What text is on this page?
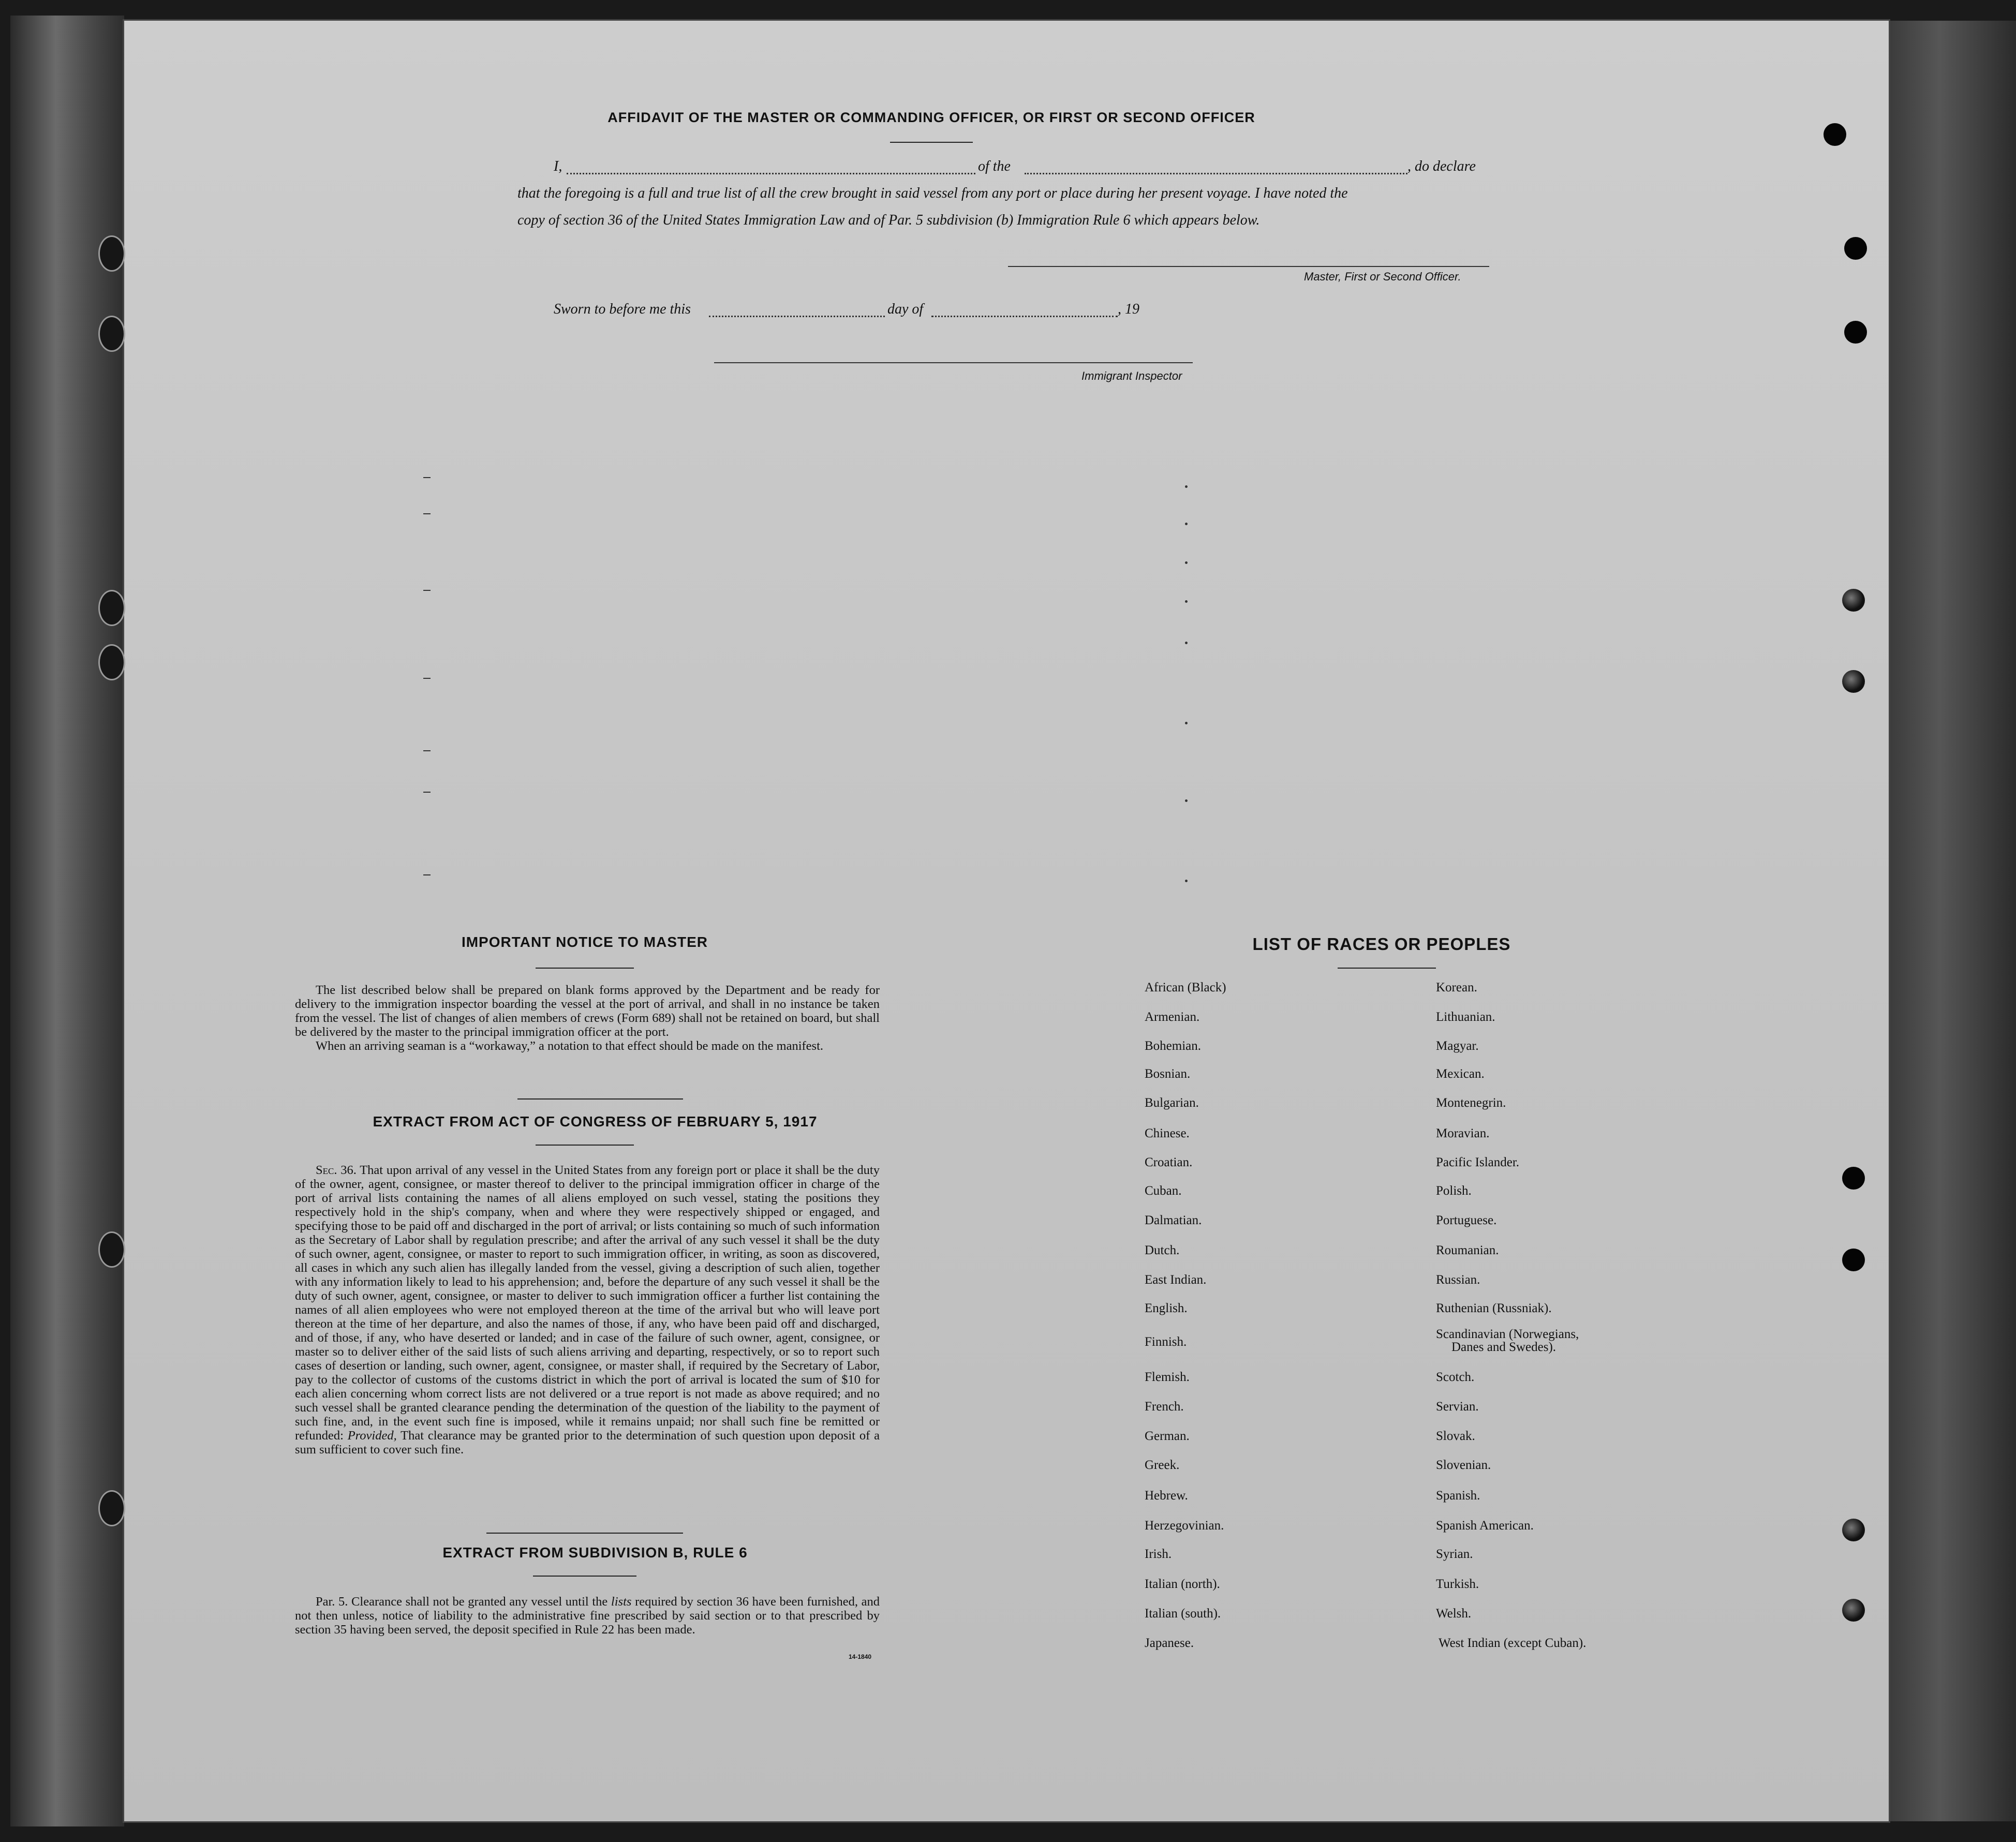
AFFIDAVIT OF THE MASTER OR COMMANDING OFFICER, OR FIRST OR SECOND OFFICER
I,	of the	, do declare
that the foregoing is a full and true list of all the crew brought in said vessel from any port or place during her present voyage. I have noted the
copy of section 36 of the United States Immigration Law and of Par. 5 subdivision (b) Immigration Rule 6 which appears below.
Master, First or Second Officer.
Sworn to before me this	day of	, 19
Immigrant Inspector
IMPORTANT NOTICE TO MASTER

The list described below shall be prepared on blank forms approved by the Department and be ready for delivery to the immigration inspector boarding the vessel at the port of arrival, and shall in no instance be taken from the vessel. The list of changes of alien members of crews (Form 689) shall not be retained on board, but shall be delivered by the master to the principal immigration officer at the port.

When an arriving seaman is a “workaway,” a notation to that effect should be made on the manifest.

EXTRACT FROM ACT OF CONGRESS OF FEBRUARY 5, 1917

Sec. 36. That upon arrival of any vessel in the United States from any foreign port or place it shall be the duty of the owner, agent, consignee, or master thereof to deliver to the principal immigration officer in charge of the port of arrival lists containing the names of all aliens employed on such vessel, stating the positions they respectively hold in the ship's company, when and where they were respectively shipped or engaged, and specifying those to be paid off and discharged in the port of arrival; or lists containing so much of such information as the Secretary of Labor shall by regulation prescribe; and after the arrival of any such vessel it shall be the duty of such owner, agent, consignee, or master to report to such immigration officer, in writing, as soon as discovered, all cases in which any such alien has illegally landed from the vessel, giving a description of such alien, together with any information likely to lead to his apprehension; and, before the departure of any such vessel it shall be the duty of such owner, agent, consignee, or master to deliver to such immigration officer a further list containing the names of all alien employees who were not employed thereon at the time of the arrival but who will leave port thereon at the time of her departure, and also the names of those, if any, who have been paid off and discharged, and of those, if any, who have deserted or landed; and in case of the failure of such owner, agent, consignee, or master so to deliver either of the said lists of such aliens arriving and departing, respectively, or so to report such cases of desertion or landing, such owner, agent, consignee, or master shall, if required by the Secretary of Labor, pay to the collector of customs of the customs district in which the port of arrival is located the sum of $10 for each alien concerning whom correct lists are not delivered or a true report is not made as above required; and no such vessel shall be granted clearance pending the determination of the question of the liability to the payment of such fine, and, in the event such fine is imposed, while it remains unpaid; nor shall such fine be remitted or refunded: Provided, That clearance may be granted prior to the determination of such question upon deposit of a sum sufficient to cover such fine.

EXTRACT FROM SUBDIVISION B, RULE 6

Par. 5. Clearance shall not be granted any vessel until the lists required by section 36 have been furnished, and not then unless, notice of liability to the administrative fine prescribed by said section or to that prescribed by section 35 having been served, the deposit specified in Rule 22 has been made.

14-1840
LIST OF RACES OR PEOPLES
African (Black)
Armenian.
Bohemian.
Bosnian.
Bulgarian.
Chinese.
Croatian.
Cuban.
Dalmatian.
Dutch.
East Indian.
English.
Finnish.
Flemish.
French.
German.
Greek.
Hebrew.
Herzegovinian.
Irish.
Italian (north).
Italian (south).
Japanese.
Korean.
Lithuanian.
Magyar.
Mexican.
Montenegrin.
Moravian.
Pacific Islander.
Polish.
Portuguese.
Roumanian.
Russian.
Ruthenian (Russniak).
Scandinavian (Norwegians,
Danes and Swedes).
Scotch.
Servian.
Slovak.
Slovenian.
Spanish.
Spanish American.
Syrian.
Turkish.
Welsh.
West Indian (except Cuban).
